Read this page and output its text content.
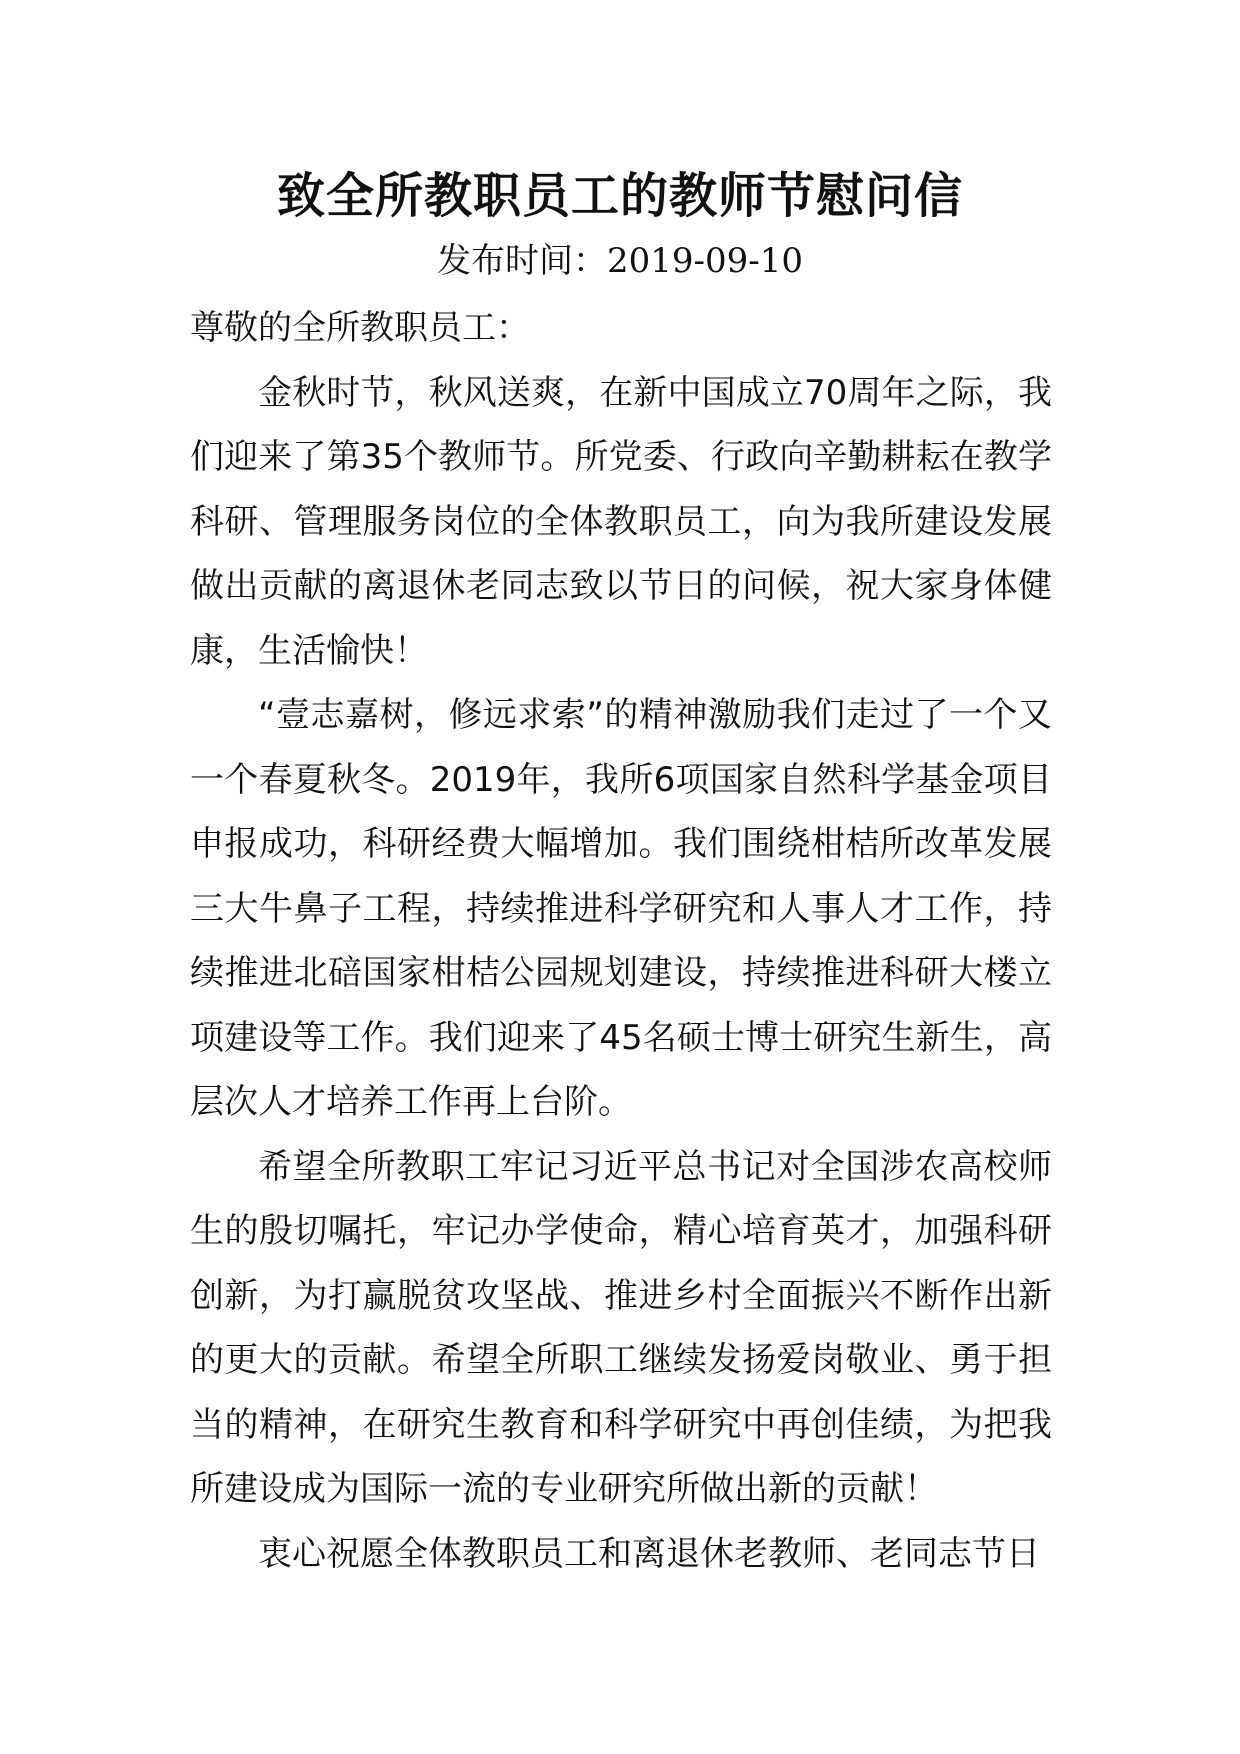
致全所教职员工的教师节慰问信
发布时间：2019-09-10

尊敬的全所教职员工：

金秋时节，秋风送爽，在新中国成立70周年之际，我们迎来了第35个教师节。所党委、行政向辛勤耕耘在教学科研、管理服务岗位的全体教职员工，向为我所建设发展做出贡献的离退休老同志致以节日的问候，祝大家身体健康，生活愉快！

“壹志嘉树，修远求索”的精神激励我们走过了一个又一个春夏秋冬。2019年，我所6项国家自然科学基金项目申报成功，科研经费大幅增加。我们围绕柑桔所改革发展三大牛鼻子工程，持续推进科学研究和人事人才工作，持续推进北碚国家柑桔公园规划建设，持续推进科研大楼立项建设等工作。我们迎来了45名硕士博士研究生新生，高层次人才培养工作再上台阶。

希望全所教职工牢记习近平总书记对全国涉农高校师生的殷切嘱托，牢记办学使命，精心培育英才，加强科研创新，为打赢脱贫攻坚战、推进乡村全面振兴不断作出新的更大的贡献。希望全所职工继续发扬爱岗敬业、勇于担当的精神，在研究生教育和科学研究中再创佳绩，为把我所建设成为国际一流的专业研究所做出新的贡献！

衷心祝愿全体教职员工和离退休老教师、老同志节日
